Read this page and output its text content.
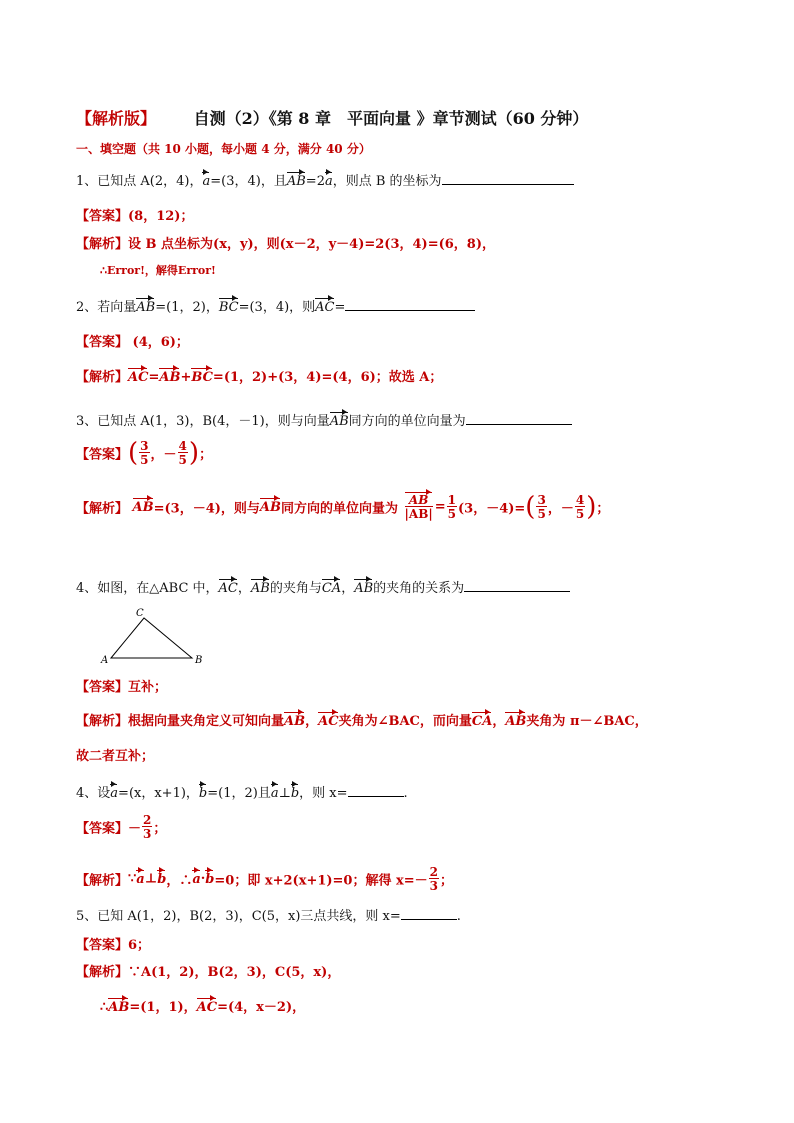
【解析版】 自测（2）《第 8 章　平面向量 》章节测试（60 分钟）
一、填空题（共 10 小题，每小题 4 分，满分 40 分）
1、已知点 A(2，4)，a=(3，4)，且AB=2a，则点 B 的坐标为
【答案】(8，12)；
【解析】设 B 点坐标为(x，y)，则(x－2，y－4)=2(3，4)=(6，8)，
∴Error!，解得Error!
2、若向量AB=(1，2)，BC=(3，4)，则AC=
【答案】 (4，6)；
【解析】AC=AB+BC=(1，2)+(3，4)=(4，6)；故选 A；
3、已知点 A(1，3)，B(4，－1)，则与向量AB同方向的单位向量为
【答案】( $\frac{3}{5}$ ，－ $\frac{4}{5}$ )；
【解析】 AB=(3，－4)，则与AB同方向的单位向量为 $\frac{AB}{|AB|} = \frac{1}{5} (3$，$-4)=( \frac{3}{5}$ ，－ $\frac{4}{5}$ )；
4、如图，在△ABC 中，AC，AB的夹角与CA，AB的夹角的关系为
A
C
B
【答案】互补；
【解析】根据向量夹角定义可知向量AB，AC夹角为∠BAC，而向量CA，AB夹角为 π－∠BAC，
故二者互补；
4、设a=(x，x+1)，b=(1，2)且a⊥b，则 x=	.
【答案】－ $\frac{2}{3}$ ；
【解析】∵a⊥b，∴a·b=0；即 x+2(x+1)=0；解得 $x=- \frac{2}{3}$ ；
5、已知 A(1，2)，B(2，3)，C(5，x)三点共线，则 x=	.
【答案】6；
【解析】∵A(1，2)，B(2，3)，C(5，x)，
∴AB=(1，1)，AC=(4，x－2)，
